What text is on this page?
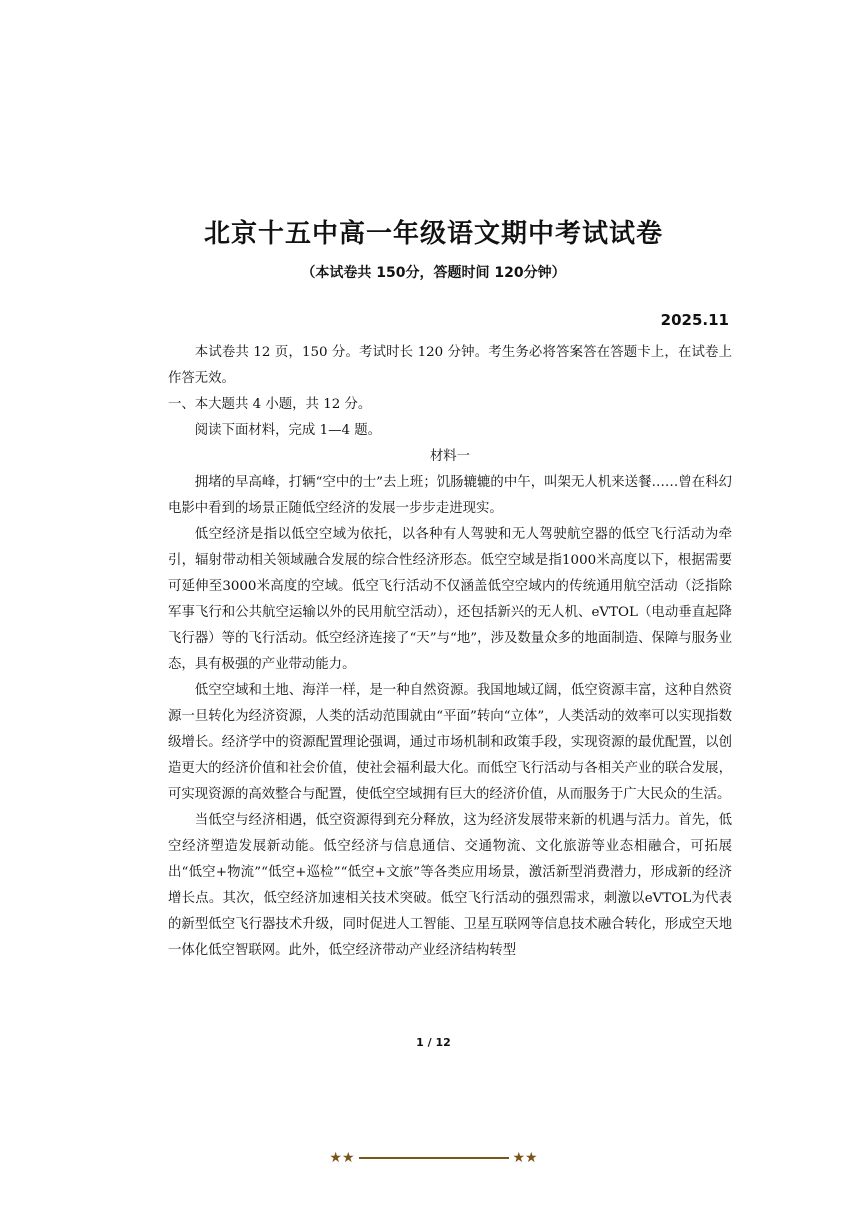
北京十五中高一年级语文期中考试试卷
（本试卷共 150分，答题时间 120分钟）
2025.11

本试卷共 12 页，150 分。考试时长 120 分钟。考生务必将答案答在答题卡上，在试卷上作答无效。

一、本大题共 4 小题，共 12 分。

阅读下面材料，完成 1—4 题。

材料一

拥堵的早高峰，打辆“空中的士”去上班；饥肠辘辘的中午，叫架无人机来送餐……曾在科幻电影中看到的场景正随低空经济的发展一步步走进现实。

低空经济是指以低空空域为依托，以各种有人驾驶和无人驾驶航空器的低空飞行活动为牵引，辐射带动相关领域融合发展的综合性经济形态。低空空域是指1000米高度以下，根据需要可延伸至3000米高度的空域。低空飞行活动不仅涵盖低空空域内的传统通用航空活动（泛指除军事飞行和公共航空运输以外的民用航空活动），还包括新兴的无人机、eVTOL（电动垂直起降飞行器）等的飞行活动。低空经济连接了“天”与“地”，涉及数量众多的地面制造、保障与服务业态，具有极强的产业带动能力。

低空空域和土地、海洋一样，是一种自然资源。我国地域辽阔，低空资源丰富，这种自然资源一旦转化为经济资源，人类的活动范围就由“平面”转向“立体”，人类活动的效率可以实现指数级增长。经济学中的资源配置理论强调，通过市场机制和政策手段，实现资源的最优配置，以创造更大的经济价值和社会价值，使社会福利最大化。而低空飞行活动与各相关产业的联合发展，可实现资源的高效整合与配置，使低空空域拥有巨大的经济价值，从而服务于广大民众的生活。

当低空与经济相遇，低空资源得到充分释放，这为经济发展带来新的机遇与活力。首先，低空经济塑造发展新动能。低空经济与信息通信、交通物流、文化旅游等业态相融合，可拓展出“低空+物流”“低空+巡检”“低空+文旅”等各类应用场景，激活新型消费潜力，形成新的经济增长点。其次，低空经济加速相关技术突破。低空飞行活动的强烈需求，刺激以eVTOL为代表的新型低空飞行器技术升级，同时促进人工智能、卫星互联网等信息技术融合转化，形成空天地一体化低空智联网。此外，低空经济带动产业经济结构转型

1 / 12
★★	★★
